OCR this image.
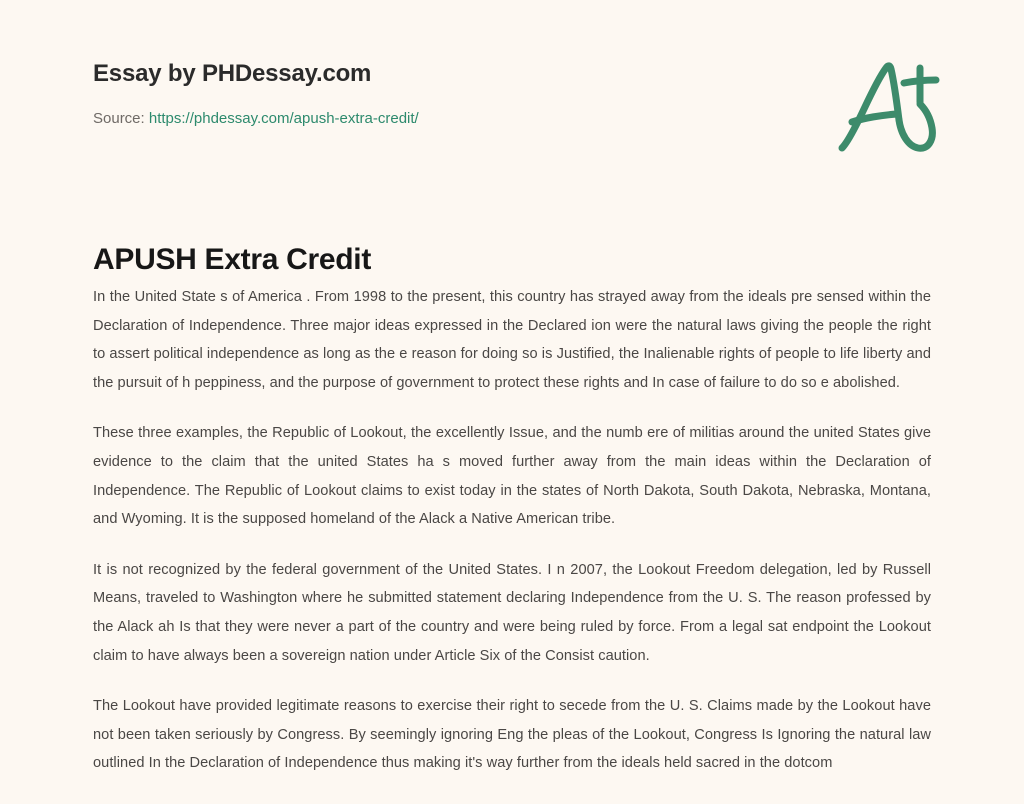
Essay by PHDessay.com
Source: https://phdessay.com/apush-extra-credit/
APUSH Extra Credit

In the United State s of America . From 1998 to the present, this country has strayed away from the ideals pre sensed within the Declaration of Independence. Three major ideas expressed in the Declared ion were the natural laws giving the people the right to assert political independence as long as the e reason for doing so is Justified, the Inalienable rights of people to life liberty and the pursuit of h peppiness, and the purpose of government to protect these rights and In case of failure to do so e abolished.

These three examples, the Republic of Lookout, the excellently Issue, and the numb ere of militias around the united States give evidence to the claim that the united States ha s moved further away from the main ideas within the Declaration of Independence. The Republic of Lookout claims to exist today in the states of North Dakota, South Dakota, Nebraska, Montana, and Wyoming. It is the supposed homeland of the Alack a Native American tribe.

It is not recognized by the federal government of the United States. I n 2007, the Lookout Freedom delegation, led by Russell Means, traveled to Washington where he submitted statement declaring Independence from the U. S. The reason professed by the Alack ah Is that they were never a part of the country and were being ruled by force. From a legal sat endpoint the Lookout claim to have always been a sovereign nation under Article Six of the Consist caution.

The Lookout have provided legitimate reasons to exercise their right to secede from the U. S. Claims made by the Lookout have not been taken seriously by Congress. By seemingly ignoring Eng the pleas of the Lookout, Congress Is Ignoring the natural law outlined In the Declaration of Independence thus making it's way further from the ideals held sacred in the dotcom
